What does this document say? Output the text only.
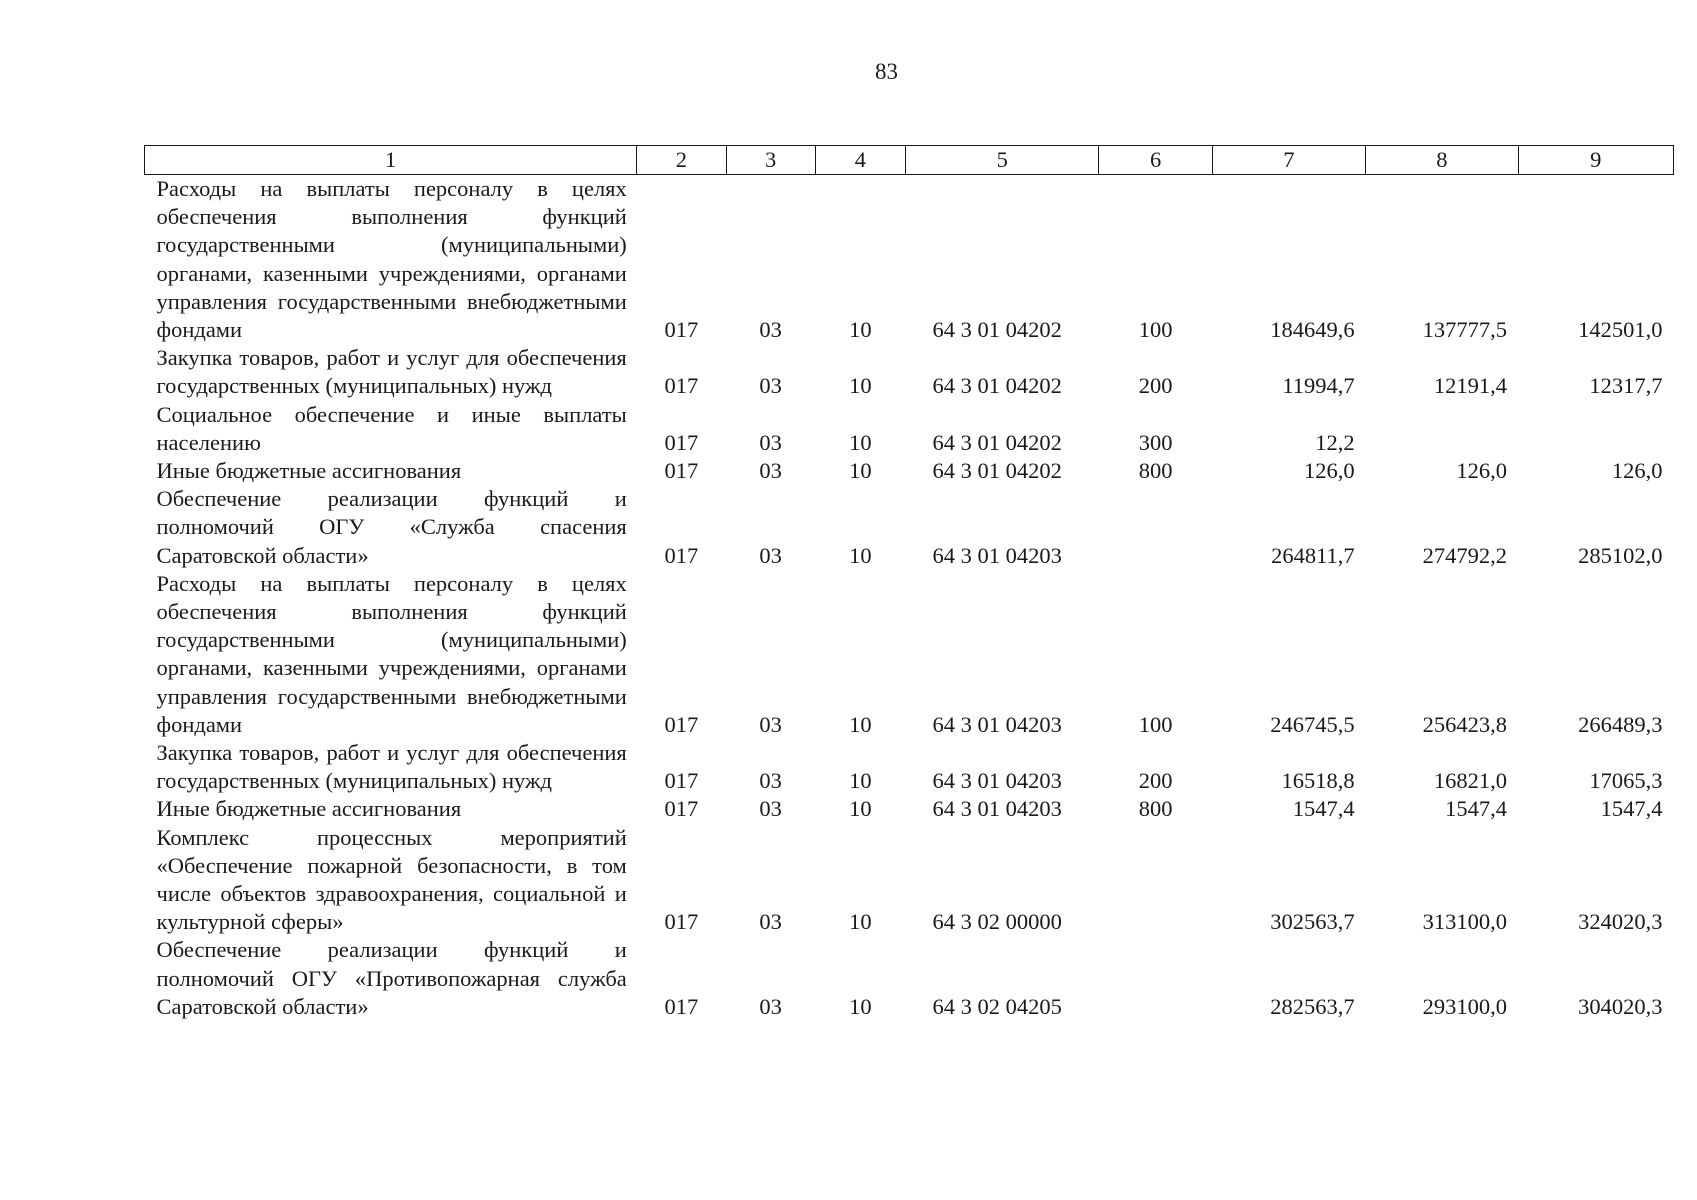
83
1	2	3	4	5	6	7	8	9
Расходы на выплаты персоналу в целях обеспечения выполнения функций государственными (муниципальными) органами, казенными учреждениями, органами управления государственными внебюджетными фондами	017	03	10	64 3 01 04202	100	184649,6	137777,5	142501,0
Закупка товаров, работ и услуг для обеспечения государственных (муниципальных) нужд	017	03	10	64 3 01 04202	200	11994,7	12191,4	12317,7
Социальное обеспечение и иные выплаты населению	017	03	10	64 3 01 04202	300	12,2		
Иные бюджетные ассигнования	017	03	10	64 3 01 04202	800	126,0	126,0	126,0
Обеспечение реализации функций и полномочий ОГУ «Служба спасения Саратовской области»	017	03	10	64 3 01 04203		264811,7	274792,2	285102,0
Расходы на выплаты персоналу в целях обеспечения выполнения функций государственными (муниципальными) органами, казенными учреждениями, органами управления государственными внебюджетными фондами	017	03	10	64 3 01 04203	100	246745,5	256423,8	266489,3
Закупка товаров, работ и услуг для обеспечения государственных (муниципальных) нужд	017	03	10	64 3 01 04203	200	16518,8	16821,0	17065,3
Иные бюджетные ассигнования	017	03	10	64 3 01 04203	800	1547,4	1547,4	1547,4
Комплекс процессных мероприятий «Обеспечение пожарной безопасности, в том числе объектов здравоохранения, социальной и культурной сферы»	017	03	10	64 3 02 00000		302563,7	313100,0	324020,3
Обеспечение реализации функций и полномочий ОГУ «Противопожарная служба Саратовской области»	017	03	10	64 3 02 04205		282563,7	293100,0	304020,3
